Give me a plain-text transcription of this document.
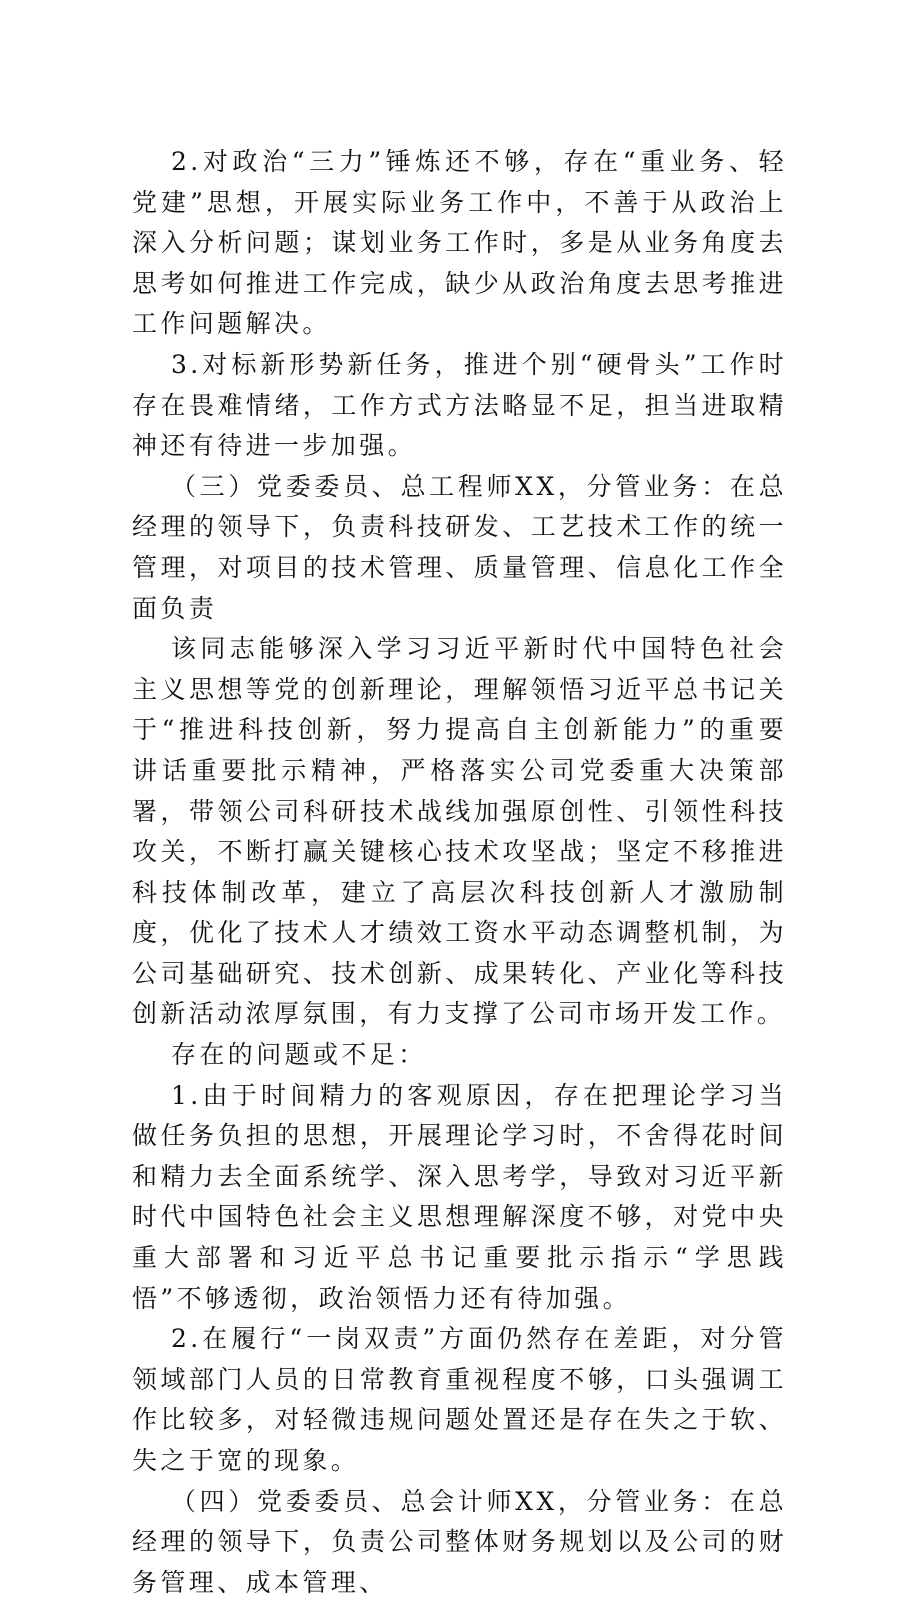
2.对政治“三力”锤炼还不够，存在“重业务、轻党建”思想，开展实际业务工作中，不善于从政治上深入分析问题；谋划业务工作时，多是从业务角度去思考如何推进工作完成，缺少从政治角度去思考推进工作问题解决。

3.对标新形势新任务，推进个别“硬骨头”工作时存在畏难情绪，工作方式方法略显不足，担当进取精神还有待进一步加强。

（三）党委委员、总工程师XX，分管业务：在总经理的领导下，负责科技研发、工艺技术工作的统一管理，对项目的技术管理、质量管理、信息化工作全面负责

该同志能够深入学习习近平新时代中国特色社会主义思想等党的创新理论，理解领悟习近平总书记关于“推进科技创新，努力提高自主创新能力”的重要讲话重要批示精神，严格落实公司党委重大决策部署，带领公司科研技术战线加强原创性、引领性科技攻关，不断打赢关键核心技术攻坚战；坚定不移推进科技体制改革，建立了高层次科技创新人才激励制度，优化了技术人才绩效工资水平动态调整机制，为公司基础研究、技术创新、成果转化、产业化等科技创新活动浓厚氛围，有力支撑了公司市场开发工作。

存在的问题或不足：

1.由于时间精力的客观原因，存在把理论学习当做任务负担的思想，开展理论学习时，不舍得花时间和精力去全面系统学、深入思考学，导致对习近平新时代中国特色社会主义思想理解深度不够，对党中央重大部署和习近平总书记重要批示指示“学思践悟”不够透彻，政治领悟力还有待加强。

2.在履行“一岗双责”方面仍然存在差距，对分管领域部门人员的日常教育重视程度不够，口头强调工作比较多，对轻微违规问题处置还是存在失之于软、失之于宽的现象。

（四）党委委员、总会计师XX，分管业务：在总经理的领导下，负责公司整体财务规划以及公司的财务管理、成本管理、
